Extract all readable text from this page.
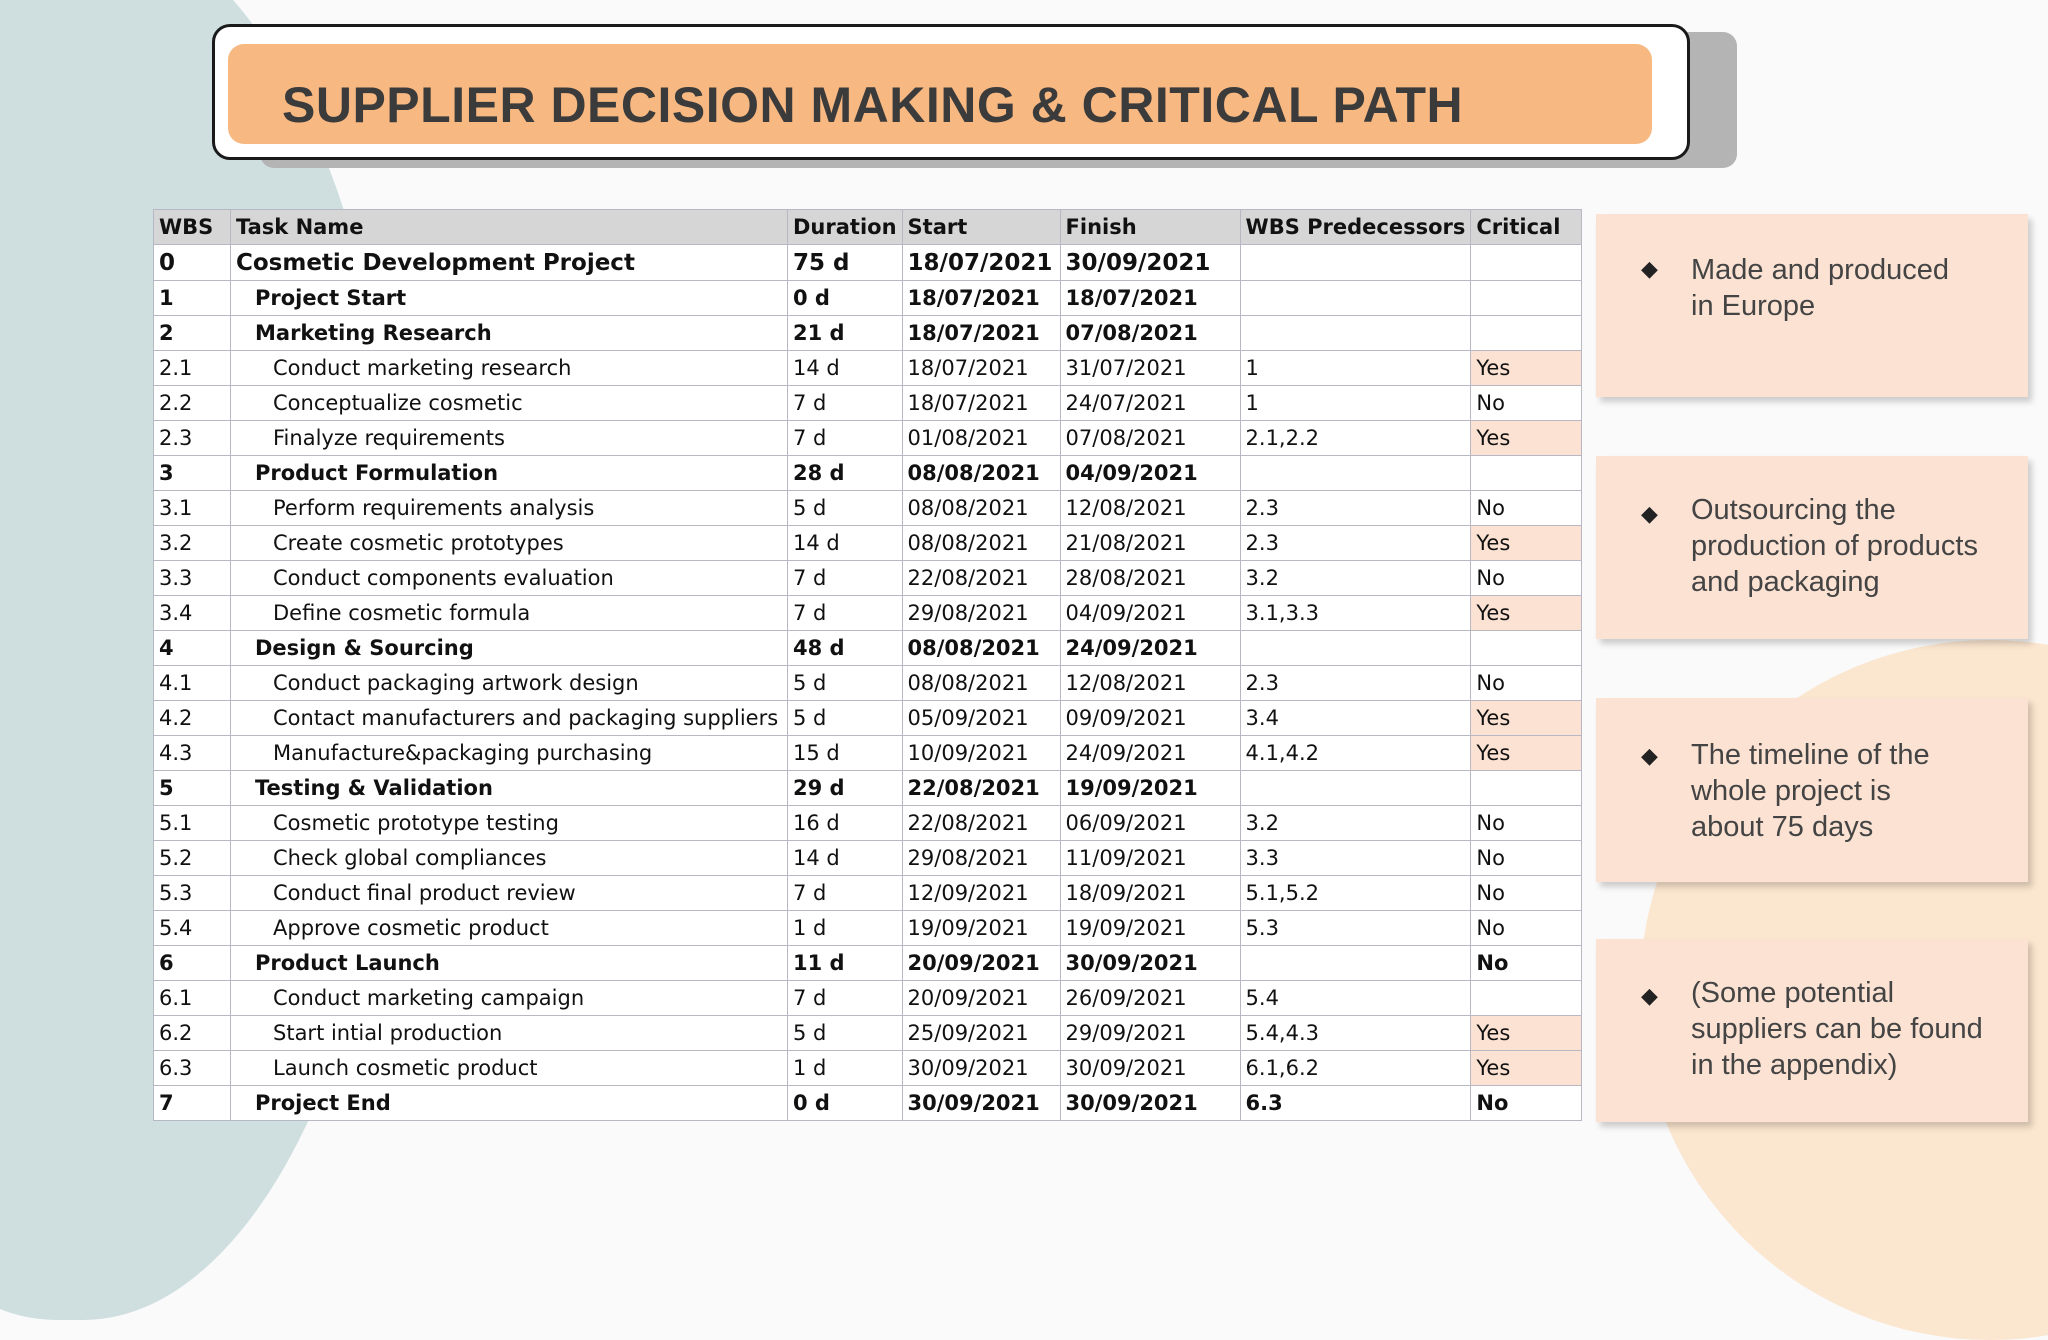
SUPPLIER DECISION MAKING & CRITICAL PATH
WBS	Task Name	Duration	Start	Finish	WBS Predecessors	Critical
0	Cosmetic Development Project	75 d	18/07/2021	30/09/2021		
1	Project Start	0 d	18/07/2021	18/07/2021		
2	Marketing Research	21 d	18/07/2021	07/08/2021		
2.1	Conduct marketing research	14 d	18/07/2021	31/07/2021	1	Yes
2.2	Conceptualize cosmetic	7 d	18/07/2021	24/07/2021	1	No
2.3	Finalyze requirements	7 d	01/08/2021	07/08/2021	2.1,2.2	Yes
3	Product Formulation	28 d	08/08/2021	04/09/2021		
3.1	Perform requirements analysis	5 d	08/08/2021	12/08/2021	2.3	No
3.2	Create cosmetic prototypes	14 d	08/08/2021	21/08/2021	2.3	Yes
3.3	Conduct components evaluation	7 d	22/08/2021	28/08/2021	3.2	No
3.4	Define cosmetic formula	7 d	29/08/2021	04/09/2021	3.1,3.3	Yes
4	Design & Sourcing	48 d	08/08/2021	24/09/2021		
4.1	Conduct packaging artwork design	5 d	08/08/2021	12/08/2021	2.3	No
4.2	Contact manufacturers and packaging suppliers	5 d	05/09/2021	09/09/2021	3.4	Yes
4.3	Manufacture&packaging purchasing	15 d	10/09/2021	24/09/2021	4.1,4.2	Yes
5	Testing & Validation	29 d	22/08/2021	19/09/2021		
5.1	Cosmetic prototype testing	16 d	22/08/2021	06/09/2021	3.2	No
5.2	Check global compliances	14 d	29/08/2021	11/09/2021	3.3	No
5.3	Conduct final product review	7 d	12/09/2021	18/09/2021	5.1,5.2	No
5.4	Approve cosmetic product	1 d	19/09/2021	19/09/2021	5.3	No
6	Product Launch	11 d	20/09/2021	30/09/2021		No
6.1	Conduct marketing campaign	7 d	20/09/2021	26/09/2021	5.4	
6.2	Start intial production	5 d	25/09/2021	29/09/2021	5.4,4.3	Yes
6.3	Launch cosmetic product	1 d	30/09/2021	30/09/2021	6.1,6.2	Yes
7	Project End	0 d	30/09/2021	30/09/2021	6.3	No
◆ Made and produced
in Europe

◆ Outsourcing the
production of products
and packaging

◆ The timeline of the
whole project is
about 75 days

◆ (Some potential
suppliers can be found
in the appendix)
